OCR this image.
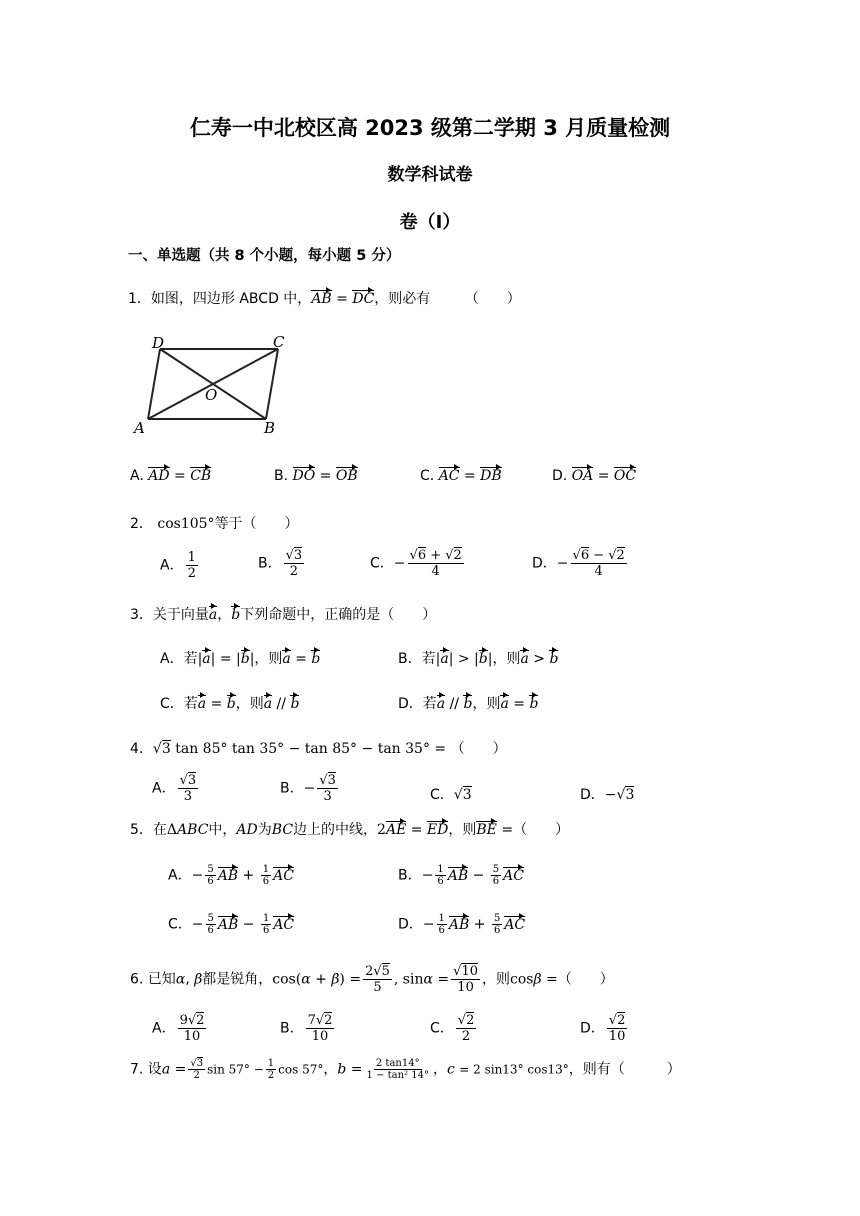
仁寿一中北校区高 2023 级第二学期 3 月质量检测
数学科试卷
卷（Ⅰ）
一、单选题（共 8 个小题，每小题 5 分）
1．如图，四边形 ABCD 中，AB = DC，则必有 （　　）
D	C
O
A	B
A. AD = CB	B. DO = OB	C. AC = DB	D. OA = OC
2． cos105°等于（　　）
A． $\frac{1}{2}$	B． $\frac{√3}{2}$	C．− $\frac{√6 + √2}{4}$	D．− $\frac{√6 - √2}{4}$
3．关于向量a，b下列命题中，正确的是（　　）
A．若|a| = |b|，则a = b	B．若|a| > |b|，则a > b
C．若a = b，则a // b	D．若a // b，则a = b
4．√3 tan 85° tan 35° − tan 85° − tan 35° = （　　）
A． $\frac{√3}{3}$	B．− $\frac{√3}{3}$	C．√3	D．−√3
5．在ΔABC中，AD为BC边上的中线，2AE = ED，则BE =（　　）
A．− $\frac{5}{6}$ AB + $\frac{1}{6}$ AC	B．− $\frac{1}{6}$ AB − $\frac{5}{6}$ AC
C．− $\frac{5}{6}$ AB − $\frac{1}{6}$ AC	D．− $\frac{1}{6}$ AB + $\frac{5}{6}$ AC
6. 已知α, β都是锐角，$\cos(\alpha + \beta) = \frac{2√5}{5}$ , $\sin\alpha = \frac{√10}{10}$ ，则cosβ =（　　）
A． $\frac{9√2}{10}$	B． $\frac{7√2}{10}$	C． $\frac{√2}{2}$	D． $\frac{√2}{10}$
7. 设$a = \frac{√3}{2}$ $\sin 57^\circ - \frac{1}{2}$ cos 57°，$b = \frac{2 \tan 14^\circ}{\text{1 − tan² 14°}}$ ，c = 2 sin13° cos13°，则有（　　　）
